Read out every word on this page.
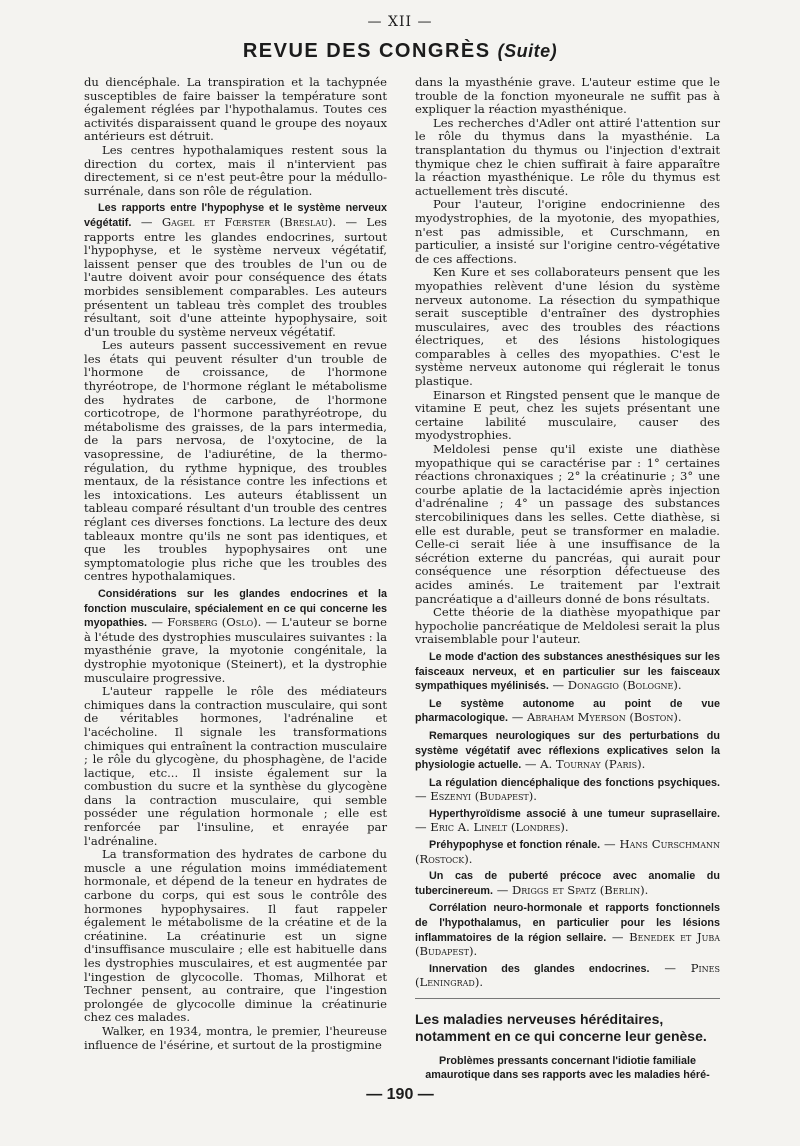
— XII —
REVUE DES CONGRÈS (Suite)

du diencéphale. La transpiration et la tachypnée susceptibles de faire baisser la température sont également réglées par l'hypothalamus. Toutes ces activités disparaissent quand le groupe des noyaux antérieurs est détruit.

Les centres hypothalamiques restent sous la direction du cortex, mais il n'intervient pas directement, si ce n'est peut-être pour la médullo-surrénale, dans son rôle de régulation.

Les rapports entre l'hypophyse et le système nerveux végétatif. — Gagel et Fœrster (Breslau). — Les rapports entre les glandes endocrines, surtout l'hypophyse, et le système nerveux végétatif, laissent penser que des troubles de l'un ou de l'autre doivent avoir pour conséquence des états morbides sensiblement comparables. Les auteurs présentent un tableau très complet des troubles résultant, soit d'une atteinte hypophysaire, soit d'un trouble du système nerveux végétatif.

Les auteurs passent successivement en revue les états qui peuvent résulter d'un trouble de l'hormone de croissance, de l'hormone thyréotrope, de l'hormone réglant le métabolisme des hydrates de carbone, de l'hormone corticotrope, de l'hormone parathyréotrope, du métabolisme des graisses, de la pars intermedia, de la pars nervosa, de l'oxytocine, de la vasopressine, de l'adiurétine, de la thermo-régulation, du rythme hypnique, des troubles mentaux, de la résistance contre les infections et les intoxications. Les auteurs établissent un tableau comparé résultant d'un trouble des centres réglant ces diverses fonctions. La lecture des deux tableaux montre qu'ils ne sont pas identiques, et que les troubles hypophysaires ont une symptomatologie plus riche que les troubles des centres hypothalamiques.

Considérations sur les glandes endocrines et la fonction musculaire, spécialement en ce qui concerne les myopathies. — Forsberg (Oslo). — L'auteur se borne à l'étude des dystrophies musculaires suivantes : la myasthénie grave, la myotonie congénitale, la dystrophie myotonique (Steinert), et la dystrophie musculaire progressive.

L'auteur rappelle le rôle des médiateurs chimiques dans la contraction musculaire, qui sont de véritables hormones, l'adrénaline et l'acécholine. Il signale les transformations chimiques qui entraînent la contraction musculaire ; le rôle du glycogène, du phosphagène, de l'acide lactique, etc... Il insiste également sur la combustion du sucre et la synthèse du glycogène dans la contraction musculaire, qui semble posséder une régulation hormonale ; elle est renforcée par l'insuline, et enrayée par l'adrénaline.

La transformation des hydrates de carbone du muscle a une régulation moins immédiatement hormonale, et dépend de la teneur en hydrates de carbone du corps, qui est sous le contrôle des hormones hypophysaires. Il faut rappeler également le métabolisme de la créatine et de la créatinine. La créatinurie est un signe d'insuffisance musculaire ; elle est habituelle dans les dystrophies musculaires, et est augmentée par l'ingestion de glycocolle. Thomas, Milhorat et Techner pensent, au contraire, que l'ingestion prolongée de glycocolle diminue la créatinurie chez ces malades.

Walker, en 1934, montra, le premier, l'heureuse influence de l'ésérine, et surtout de la prostigmine

dans la myasthénie grave. L'auteur estime que le trouble de la fonction myoneurale ne suffit pas à expliquer la réaction myasthénique.

Les recherches d'Adler ont attiré l'attention sur le rôle du thymus dans la myasthénie. La transplantation du thymus ou l'injection d'extrait thymique chez le chien suffirait à faire apparaître la réaction myasthénique. Le rôle du thymus est actuellement très discuté.

Pour l'auteur, l'origine endocrinienne des myodystrophies, de la myotonie, des myopathies, n'est pas admissible, et Curschmann, en particulier, a insisté sur l'origine centro-végétative de ces affections.

Ken Kure et ses collaborateurs pensent que les myopathies relèvent d'une lésion du système nerveux autonome. La résection du sympathique serait susceptible d'entraîner des dystrophies musculaires, avec des troubles des réactions électriques, et des lésions histologiques comparables à celles des myopathies. C'est le système nerveux autonome qui réglerait le tonus plastique.

Einarson et Ringsted pensent que le manque de vitamine E peut, chez les sujets présentant une certaine labilité musculaire, causer des myodystrophies.

Meldolesi pense qu'il existe une diathèse myopathique qui se caractérise par : 1° certaines réactions chronaxiques ; 2° la créatinurie ; 3° une courbe aplatie de la lactacidémie après injection d'adrénaline ; 4° un passage des substances stercobiliniques dans les selles. Cette diathèse, si elle est durable, peut se transformer en maladie. Celle-ci serait liée à une insuffisance de la sécrétion externe du pancréas, qui aurait pour conséquence une résorption défectueuse des acides aminés. Le traitement par l'extrait pancréatique a d'ailleurs donné de bons résultats.

Cette théorie de la diathèse myopathique par hypocholie pancréatique de Meldolesi serait la plus vraisemblable pour l'auteur.

Le mode d'action des substances anesthésiques sur les faisceaux nerveux, et en particulier sur les faisceaux sympathiques myélinisés. — Donaggio (Bologne).

Le système autonome au point de vue pharmacologique. — Abraham Myerson (Boston).

Remarques neurologiques sur des perturbations du système végétatif avec réflexions explicatives selon la physiologie actuelle. — A. Tournay (Paris).

La régulation diencéphalique des fonctions psychiques. — Eszenyi (Budapest).

Hyperthyroïdisme associé à une tumeur suprasellaire. — Eric A. Linelt (Londres).

Préhypophyse et fonction rénale. — Hans Curschmann (Rostock).

Un cas de puberté précoce avec anomalie du tubercinereum. — Driggs et Spatz (Berlin).

Corrélation neuro-hormonale et rapports fonctionnels de l'hypothalamus, en particulier pour les lésions inflammatoires de la région sellaire. — Benedek et Juba (Budapest).

Innervation des glandes endocrines. — Pines (Leningrad).

Les maladies nerveuses héréditaires, notamment en ce qui concerne leur genèse.
Problèmes pressants concernant l'idiotie familiale amaurotique dans ses rapports avec les maladies héré-
— 190 —
